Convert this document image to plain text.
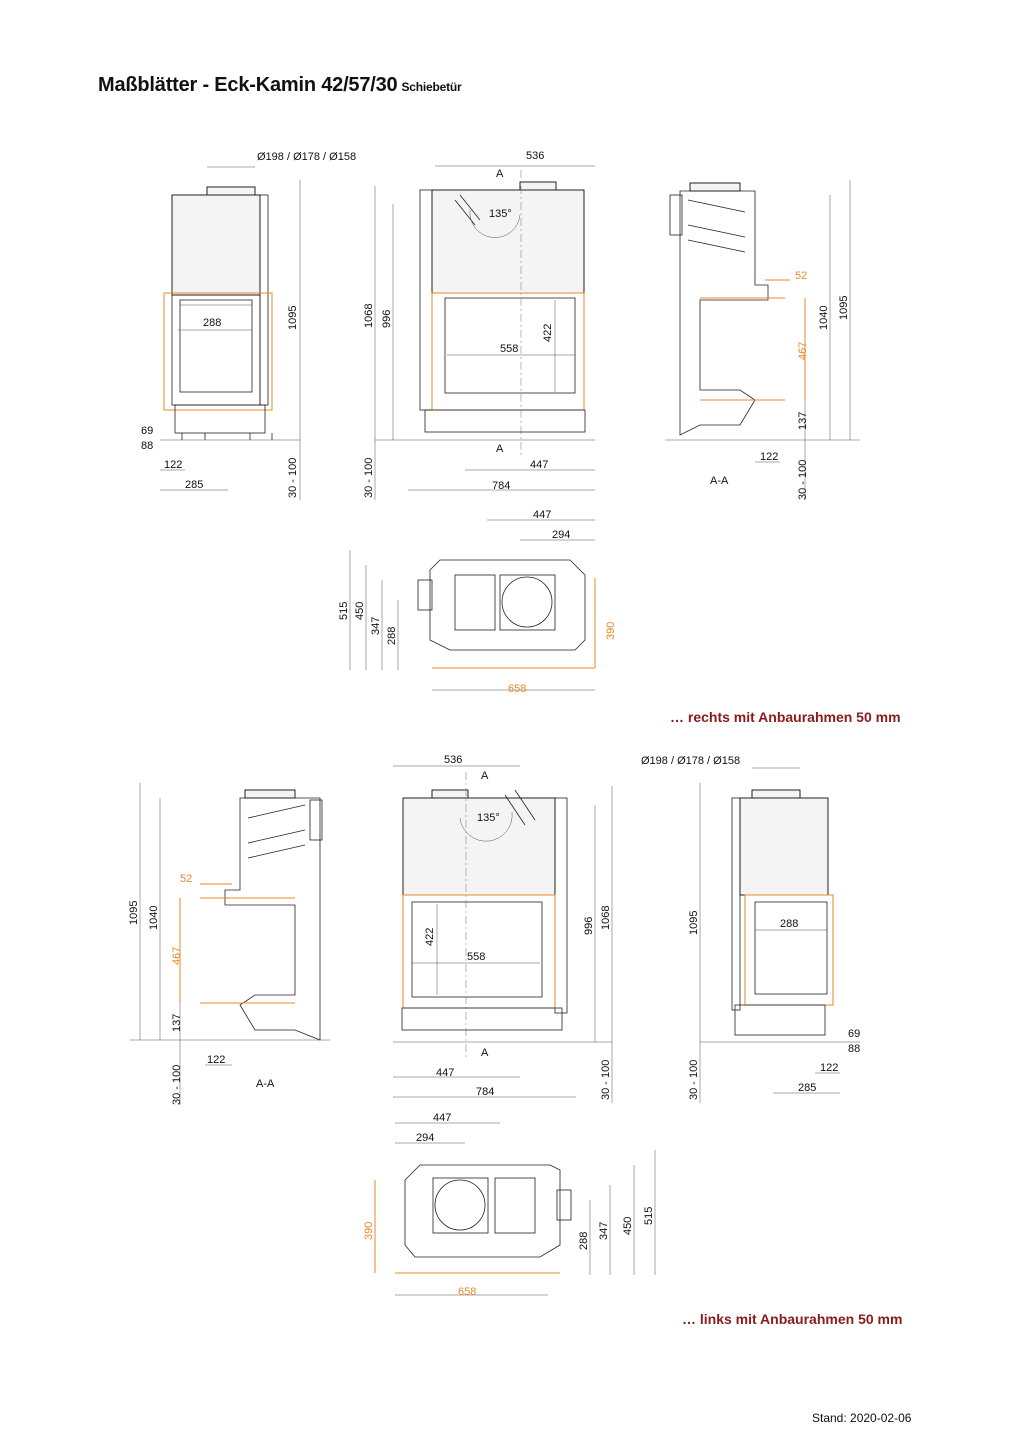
Maßblätter - Eck-Kamin 42/57/30 Schiebetür
Ø198 / Ø178 / Ø158
288	1095
30 - 100
69
88
122
285
135°
A
A
536
558
422
1068 996
30 - 100	447
784
52
467
137
1040 1095
122
30 - 100
A-A
390
658
447
294
515 450
347
288
52
467
137
1040
1095
122
30 - 100	A-A
135°
A
A
536
558
422
996 1068
30 - 100
447
784
288
1095
30 - 100
Ø198 / Ø178 / Ø158
69
88
122
285
390
658
447
294
515
450
347
288
… rechts mit Anbaurahmen 50 mm
… links mit Anbaurahmen 50 mm
Stand: 2020-02-06
